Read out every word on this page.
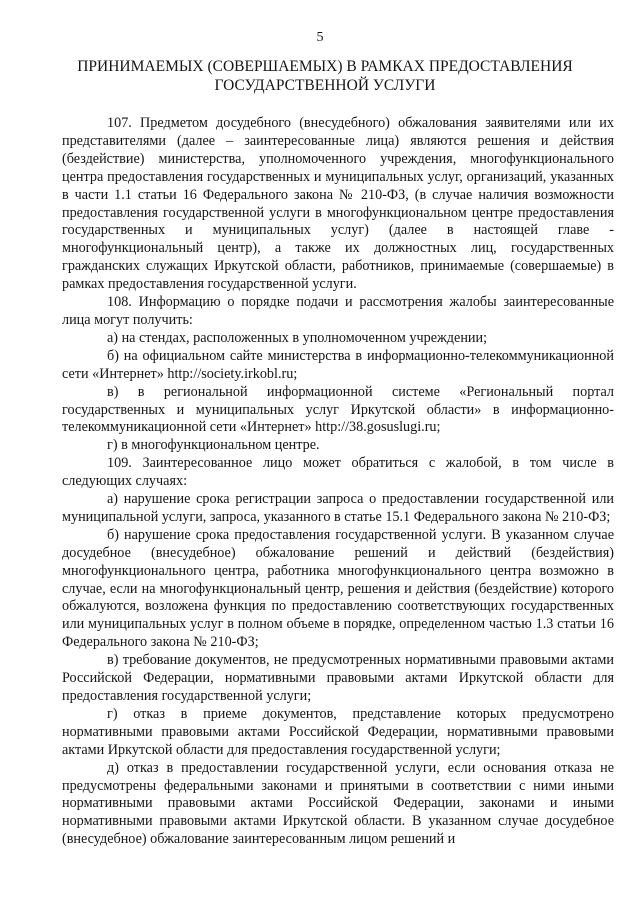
5
ПРИНИМАЕМЫХ (СОВЕРШАЕМЫХ) В РАМКАХ ПРЕДОСТАВЛЕНИЯ
ГОСУДАРСТВЕННОЙ УСЛУГИ

107. Предметом досудебного (внесудебного) обжалования заявителями или их представителями (далее – заинтересованные лица) являются решения и действия (бездействие) министерства, уполномоченного учреждения, многофункционального центра предоставления государственных и муниципальных услуг, организаций, указанных в части 1.1 статьи 16 Федерального закона № 210-ФЗ, (в случае наличия возможности предоставления государственной услуги в многофункциональном центре предоставления государственных и муниципальных услуг) (далее в настоящей главе - многофункциональный центр), а также их должностных лиц, государственных гражданских служащих Иркутской области, работников, принимаемые (совершаемые) в рамках предоставления государственной услуги.

108. Информацию о порядке подачи и рассмотрения жалобы заинтересованные лица могут получить:

а) на стендах, расположенных в уполномоченном учреждении;

б) на официальном сайте министерства в информационно-телекоммуникационной сети «Интернет» http://society.irkobl.ru;

в) в региональной информационной системе «Региональный портал государственных и муниципальных услуг Иркутской области» в информационно-телекоммуникационной сети «Интернет» http://38.gosuslugi.ru;

г) в многофункциональном центре.

109. Заинтересованное лицо может обратиться с жалобой, в том числе в следующих случаях:

а) нарушение срока регистрации запроса о предоставлении государственной или муниципальной услуги, запроса, указанного в статье 15.1 Федерального закона № 210-ФЗ;

б) нарушение срока предоставления государственной услуги. В указанном случае досудебное (внесудебное) обжалование решений и действий (бездействия) многофункционального центра, работника многофункционального центра возможно в случае, если на многофункциональный центр, решения и действия (бездействие) которого обжалуются, возложена функция по предоставлению соответствующих государственных или муниципальных услуг в полном объеме в порядке, определенном частью 1.3 статьи 16 Федерального закона № 210-ФЗ;

в) требование документов, не предусмотренных нормативными правовыми актами Российской Федерации, нормативными правовыми актами Иркутской области для предоставления государственной услуги;

г) отказ в приеме документов, представление которых предусмотрено нормативными правовыми актами Российской Федерации, нормативными правовыми актами Иркутской области для предоставления государственной услуги;

д) отказ в предоставлении государственной услуги, если основания отказа не предусмотрены федеральными законами и принятыми в соответствии с ними иными нормативными правовыми актами Российской Федерации, законами и иными нормативными правовыми актами Иркутской области. В указанном случае досудебное (внесудебное) обжалование заинтересованным лицом решений и
